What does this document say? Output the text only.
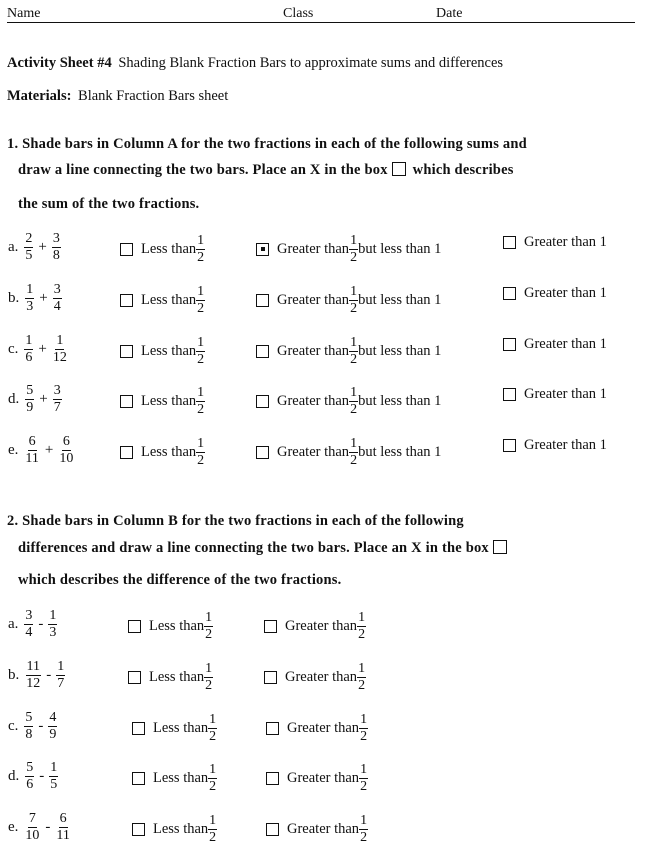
Name	Class	Date
Activity Sheet #4 Shading Blank Fraction Bars to approximate sums and differences
Materials: Blank Fraction Bars sheet
1. Shade bars in Column A for the two fractions in each of the following sums and
draw a line connecting the two bars. Place an X in the box which describes
the sum of the two fractions.
a. $\frac{2}{5} + \frac{3}{8}$	Less than $\frac{1}{2}$	Greater than $\frac{1}{2}$ but less than 1	Greater than 1
b. $\frac{1}{3} + \frac{3}{4}$	Less than $\frac{1}{2}$	Greater than $\frac{1}{2}$ but less than 1	Greater than 1
c. $\frac{1}{6} + \frac{1}{12}$	Less than $\frac{1}{2}$	Greater than $\frac{1}{2}$ but less than 1	Greater than 1
d. $\frac{5}{9} + \frac{3}{7}$	Less than $\frac{1}{2}$	Greater than $\frac{1}{2}$ but less than 1	Greater than 1
e. $\frac{6}{11} + \frac{6}{10}$	Less than $\frac{1}{2}$	Greater than $\frac{1}{2}$ but less than 1	Greater than 1
2. Shade bars in Column B for the two fractions in each of the following
differences and draw a line connecting the two bars. Place an X in the box
which describes the difference of the two fractions.
a. $\frac{3}{4} - \frac{1}{3}$	Less than $\frac{1}{2}$	Greater than $\frac{1}{2}$
b. $\frac{11}{12} - \frac{1}{7}$	Less than $\frac{1}{2}$	Greater than $\frac{1}{2}$
c. $\frac{5}{8} - \frac{4}{9}$	Less than $\frac{1}{2}$	Greater than $\frac{1}{2}$
d. $\frac{5}{6} - \frac{1}{5}$	Less than $\frac{1}{2}$	Greater than $\frac{1}{2}$
e. $\frac{7}{10} - \frac{6}{11}$	Less than $\frac{1}{2}$	Greater than $\frac{1}{2}$
